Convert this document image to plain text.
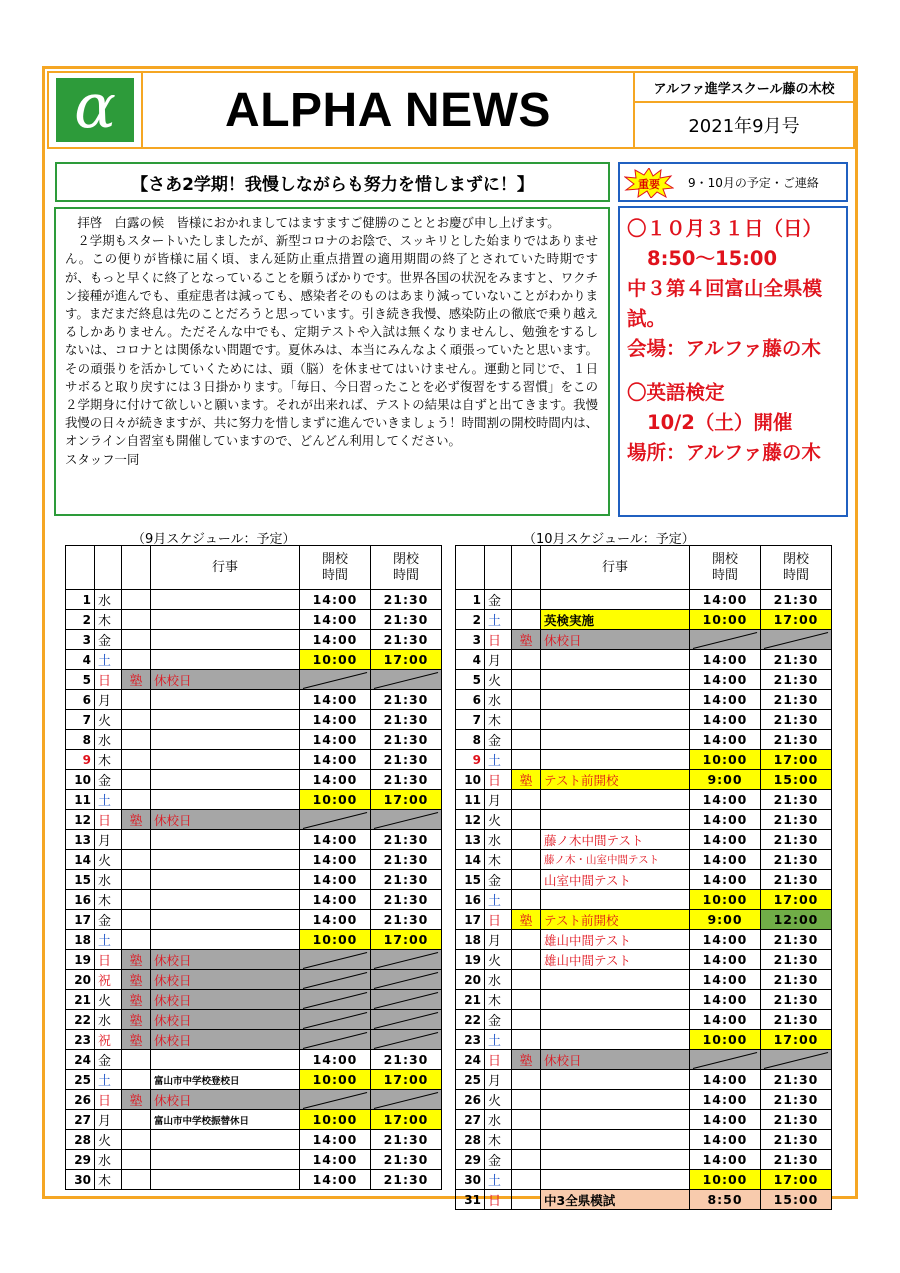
α ALPHA NEWS	アルファ進学スクール藤の木校
2021年9月号
【さあ2学期！我慢しながらも努力を惜しまずに！】

　拝啓　白露の候　皆様におかれましてはますますご健勝のこととお慶び申し上げます。
　２学期もスタートいたしましたが、新型コロナのお陰で、スッキリとした始まりではありません。この便りが皆様に届く頃、まん延防止重点措置の適用期間の終了とされていた時期ですが、もっと早くに終了となっていることを願うばかりです。世界各国の状況をみますと、ワクチン接種が進んでも、重症患者は減っても、感染者そのものはあまり減っていないことがわかります。まだまだ終息は先のことだろうと思っています。引き続き我慢、感染防止の徹底で乗り越えるしかありません。ただそんな中でも、定期テストや入試は無くなりませんし、勉強をするしないは、コロナとは関係ない問題です。夏休みは、本当にみんなよく頑張っていたと思います。その頑張りを活かしていくためには、頭（脳）を休ませてはいけません。運動と同じで、１日サボると取り戻すには３日掛かります。「毎日、今日習ったことを必ず復習をする習慣」をこの２学期身に付けて欲しいと願います。それが出来れば、テストの結果は自ずと出てきます。我慢我慢の日々が続きますが、共に努力を惜しまずに進んでいきましょう！時間割の開校時間内は、オンライン自習室も開催していますので、どんどん利用してください。

スタッフ一同

重要	9・10月の予定・ご連絡
〇１０月３１日（日）
8:50～15:00
中３第４回富山全県模試。
会場：アルファ藤の木
〇英語検定
10/2（土）開催
場所：アルファ藤の木
（9月スケジュール：予定）
			行事	開校
時間	閉校
時間
1	水			14:00	21:30
2	木			14:00	21:30
3	金			14:00	21:30
4	土			10:00	17:00
5	日	塾	休校日		
6	月			14:00	21:30
7	火			14:00	21:30
8	水			14:00	21:30
9	木			14:00	21:30
10	金			14:00	21:30
11	土			10:00	17:00
12	日	塾	休校日		
13	月			14:00	21:30
14	火			14:00	21:30
15	水			14:00	21:30
16	木			14:00	21:30
17	金			14:00	21:30
18	土			10:00	17:00
19	日	塾	休校日		
20	祝	塾	休校日		
21	火	塾	休校日		
22	水	塾	休校日		
23	祝	塾	休校日		
24	金			14:00	21:30
25	土		富山市中学校登校日	10:00	17:00
26	日	塾	休校日		
27	月		富山市中学校振替休日	10:00	17:00
28	火			14:00	21:30
29	水			14:00	21:30
30	木			14:00	21:30
（10月スケジュール：予定）
			行事	開校
時間	閉校
時間
1	金			14:00	21:30
2	土		英検実施	10:00	17:00
3	日	塾	休校日		
4	月			14:00	21:30
5	火			14:00	21:30
6	水			14:00	21:30
7	木			14:00	21:30
8	金			14:00	21:30
9	土			10:00	17:00
10	日	塾	テスト前開校	9:00	15:00
11	月			14:00	21:30
12	火			14:00	21:30
13	水		藤ノ木中間テスト	14:00	21:30
14	木		藤ノ木・山室中間テスト	14:00	21:30
15	金		山室中間テスト	14:00	21:30
16	土			10:00	17:00
17	日	塾	テスト前開校	9:00	12:00
18	月		雄山中間テスト	14:00	21:30
19	火		雄山中間テスト	14:00	21:30
20	水			14:00	21:30
21	木			14:00	21:30
22	金			14:00	21:30
23	土			10:00	17:00
24	日	塾	休校日		
25	月			14:00	21:30
26	火			14:00	21:30
27	水			14:00	21:30
28	木			14:00	21:30
29	金			14:00	21:30
30	土			10:00	17:00
31	日		中3全県模試	8:50	15:00
